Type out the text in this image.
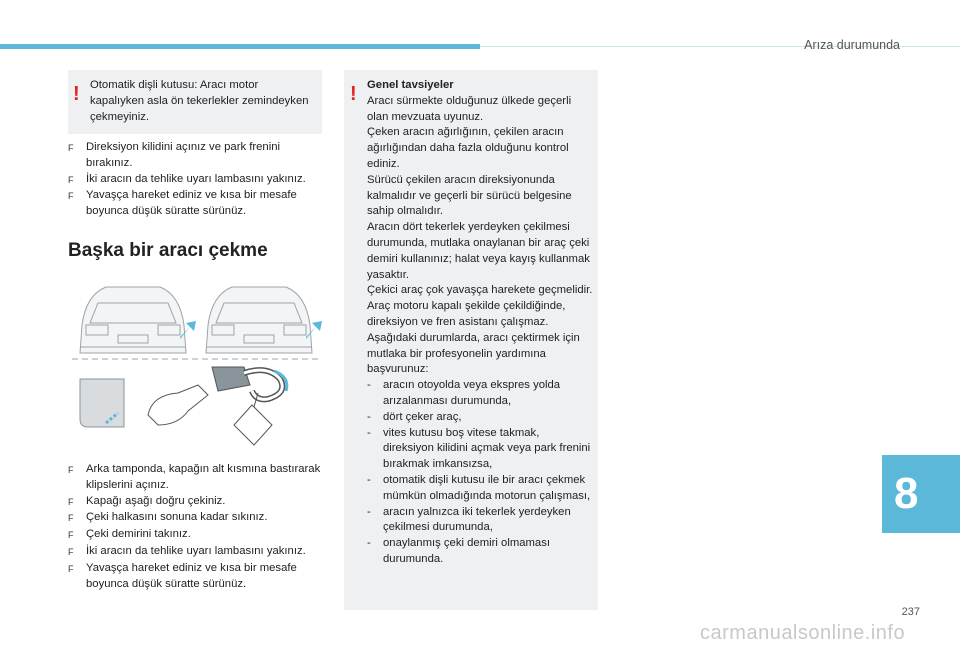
Arıza durumunda
! Otomatik dişli kutusu: Aracı motor kapalıyken asla ön tekerlekler zemindeyken çekmeyiniz.
F	Direksiyon kilidini açınız ve park frenini bırakınız.
F	İki aracın da tehlike uyarı lambasını yakınız.
F	Yavaşça hareket ediniz ve kısa bir mesafe boyunca düşük süratte sürünüz.
Başka bir aracı çekme
F	Arka tamponda, kapağın alt kısmına bastırarak klipslerini açınız.
F	Kapağı aşağı doğru çekiniz.
F	Çeki halkasını sonuna kadar sıkınız.
F	Çeki demirini takınız.
F	İki aracın da tehlike uyarı lambasını yakınız.
F	Yavaşça hareket ediniz ve kısa bir mesafe boyunca düşük süratte sürünüz.
! Genel tavsiyeler
Aracı sürmekte olduğunuz ülkede geçerli olan mevzuata uyunuz.
Çeken aracın ağırlığının, çekilen aracın ağırlığından daha fazla olduğunu kontrol ediniz.
Sürücü çekilen aracın direksiyonunda kalmalıdır ve geçerli bir sürücü belgesine sahip olmalıdır.
Aracın dört tekerlek yerdeyken çekilmesi durumunda, mutlaka onaylanan bir araç çeki demiri kullanınız; halat veya kayış kullanmak yasaktır.
Çekici araç çok yavaşça harekete geçmelidir.
Araç motoru kapalı şekilde çekildiğinde, direksiyon ve fren asistanı çalışmaz.
Aşağıdaki durumlarda, aracı çektirmek için mutlaka bir profesyonelin yardımına başvurunuz:
-	aracın otoyolda veya ekspres yolda arızalanması durumunda,
-	dört çeker araç,
-	vites kutusu boş vitese takmak, direksiyon kilidini açmak veya park frenini bırakmak imkansızsa,
-	otomatik dişli kutusu ile bir aracı çekmek mümkün olmadığında motorun çalışması,
-	aracın yalnızca iki tekerlek yerdeyken çekilmesi durumunda,
-	onaylanmış çeki demiri olmaması durumunda.
8
237
carmanualsonline.info
